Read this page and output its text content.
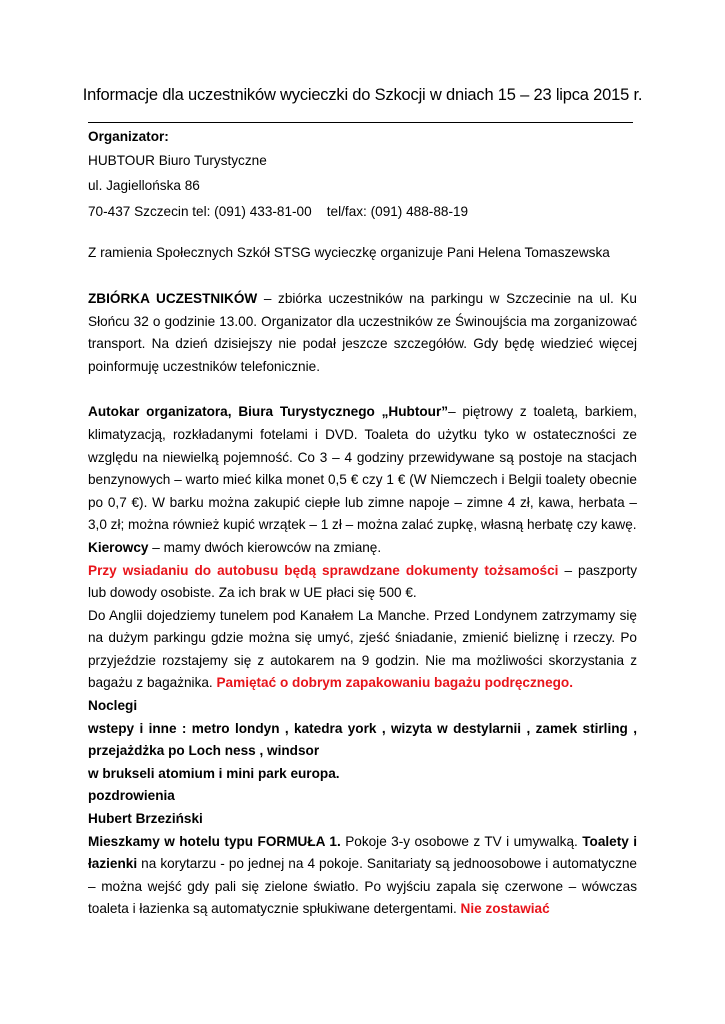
Informacje dla uczestników wycieczki do Szkocji w dniach 15 – 23 lipca 2015 r.

Organizator:

HUBTOUR Biuro Turystyczne

ul. Jagiellońska 86

70-437 Szczecin tel: (091) 433-81-00    tel/fax: (091) 488-88-19

Z ramienia Społecznych Szkół STSG wycieczkę organizuje Pani Helena Tomaszewska

ZBIÓRKA UCZESTNIKÓW – zbiórka uczestników na parkingu w Szczecinie na ul. Ku Słońcu 32 o godzinie 13.00. Organizator dla uczestników ze Świnoujścia ma zorganizować transport. Na dzień dzisiejszy nie podał jeszcze szczegółów. Gdy będę wiedzieć więcej poinformuję uczestników telefonicznie.

Autokar organizatora, Biura Turystycznego „Hubtour”– piętrowy z toaletą, barkiem, klimatyzacją, rozkładanymi fotelami i DVD. Toaleta do użytku tyko w ostateczności ze względu na niewielką pojemność. Co 3 – 4 godziny przewidywane są postoje na stacjach benzynowych – warto mieć kilka monet 0,5 € czy 1 € (W Niemczech i Belgii toalety obecnie po 0,7 €). W barku można zakupić ciepłe lub zimne napoje – zimne 4 zł, kawa, herbata – 3,0 zł; można również kupić wrzątek – 1 zł – można zalać zupkę, własną herbatę czy kawę.

Kierowcy – mamy dwóch kierowców na zmianę.

Przy wsiadaniu do autobusu będą sprawdzane dokumenty tożsamości – paszporty lub dowody osobiste. Za ich brak w UE płaci się 500 €.

Do Anglii dojedziemy tunelem pod Kanałem La Manche. Przed Londynem zatrzymamy się na dużym parkingu gdzie można się umyć, zjeść śniadanie, zmienić bieliznę i rzeczy. Po przyjeździe rozstajemy się z autokarem na 9 godzin. Nie ma możliwości skorzystania z bagażu z bagażnika. Pamiętać o dobrym zapakowaniu bagażu podręcznego.

Noclegi

wstepy i inne : metro londyn , katedra york , wizyta w destylarnii , zamek stirling , przejażdżka po Loch ness , windsor

w brukseli atomium i mini park europa.

pozdrowienia

Hubert Brzeziński

Mieszkamy w hotelu typu FORMUŁA 1. Pokoje 3-y osobowe z TV i umywalką. Toalety i łazienki na korytarzu - po jednej na 4 pokoje. Sanitariaty są jednoosobowe i automatyczne – można wejść gdy pali się zielone światło. Po wyjściu zapala się czerwone – wówczas toaleta i łazienka są automatycznie spłukiwane detergentami. Nie zostawiać
